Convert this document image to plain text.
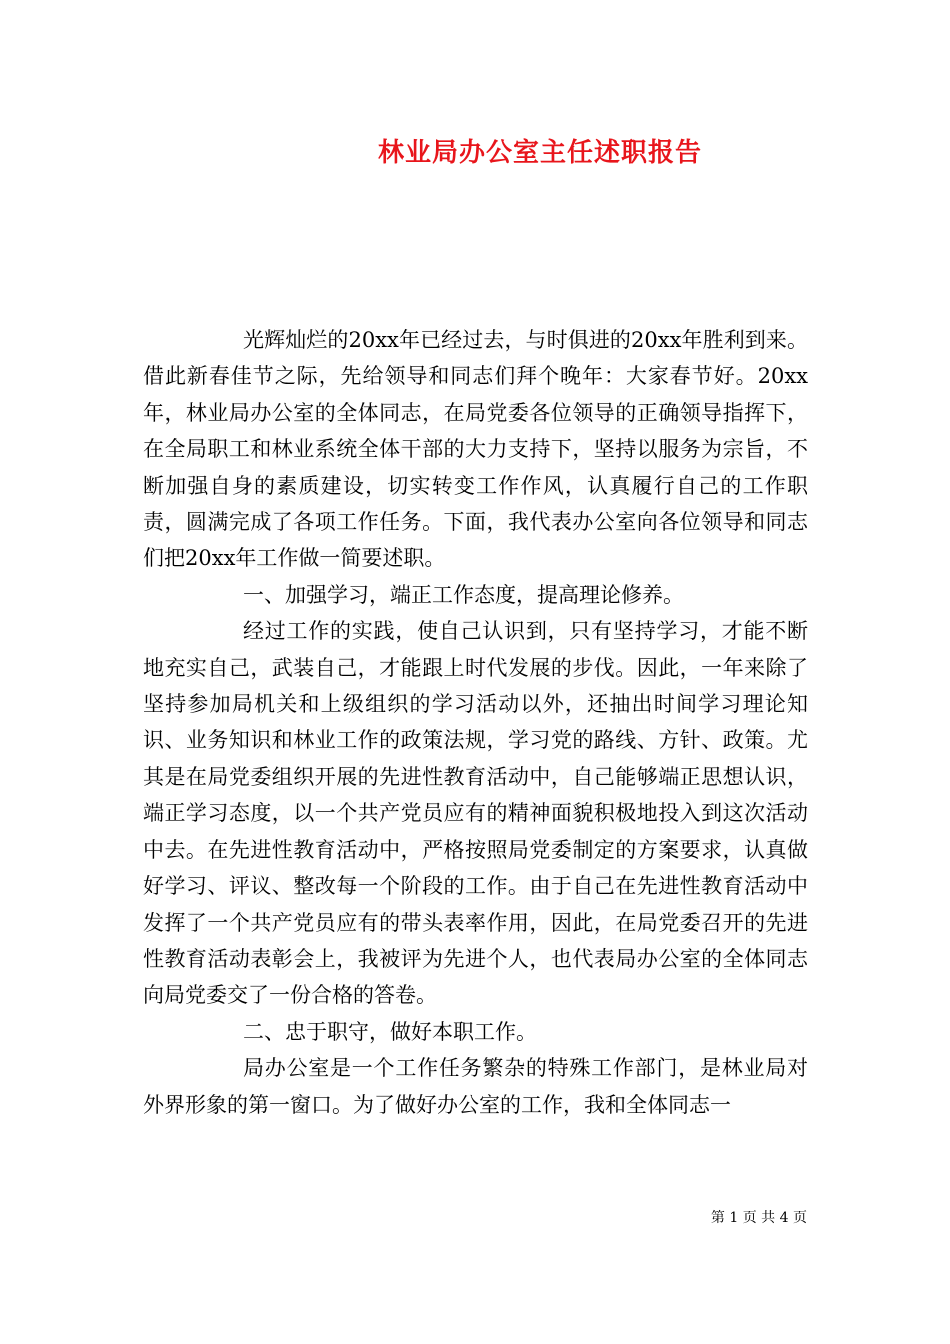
林业局办公室主任述职报告

光辉灿烂的20xx年已经过去，与时俱进的20xx年胜利到来。借此新春佳节之际，先给领导和同志们拜个晚年：大家春节好。20xx年，林业局办公室的全体同志，在局党委各位领导的正确领导指挥下，在全局职工和林业系统全体干部的大力支持下，坚持以服务为宗旨，不断加强自身的素质建设，切实转变工作作风，认真履行自己的工作职责，圆满完成了各项工作任务。下面，我代表办公室向各位领导和同志们把20xx年工作做一简要述职。

一、加强学习，端正工作态度，提高理论修养。

经过工作的实践，使自己认识到，只有坚持学习，才能不断地充实自己，武装自己，才能跟上时代发展的步伐。因此，一年来除了坚持参加局机关和上级组织的学习活动以外，还抽出时间学习理论知识、业务知识和林业工作的政策法规，学习党的路线、方针、政策。尤其是在局党委组织开展的先进性教育活动中，自己能够端正思想认识，端正学习态度，以一个共产党员应有的精神面貌积极地投入到这次活动中去。在先进性教育活动中，严格按照局党委制定的方案要求，认真做好学习、评议、整改每一个阶段的工作。由于自己在先进性教育活动中发挥了一个共产党员应有的带头表率作用，因此，在局党委召开的先进性教育活动表彰会上，我被评为先进个人，也代表局办公室的全体同志向局党委交了一份合格的答卷。

二、忠于职守，做好本职工作。

局办公室是一个工作任务繁杂的特殊工作部门，是林业局对外界形象的第一窗口。为了做好办公室的工作，我和全体同志一

第 1 页 共 4 页
